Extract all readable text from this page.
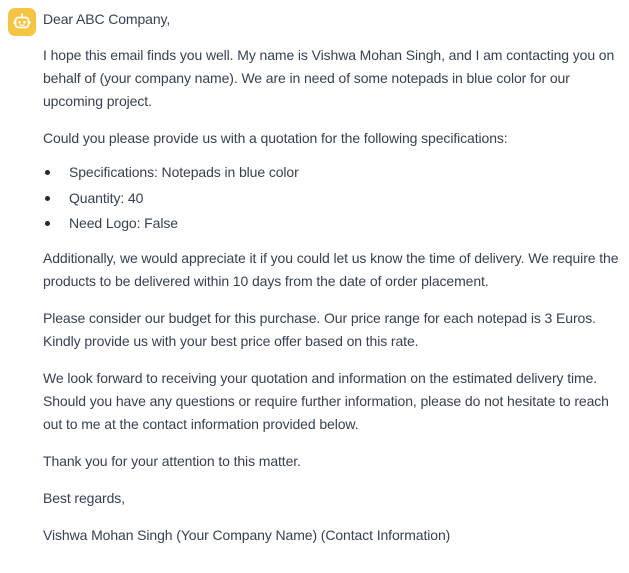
Dear ABC Company,

I hope this email finds you well. My name is Vishwa Mohan Singh, and I am contacting you on behalf of (your company name). We are in need of some notepads in blue color for our upcoming project.

Could you please provide us with a quotation for the following specifications:

Specifications: Notepads in blue color
Quantity: 40
Need Logo: False

Additionally, we would appreciate it if you could let us know the time of delivery. We require the products to be delivered within 10 days from the date of order placement.

Please consider our budget for this purchase. Our price range for each notepad is 3 Euros. Kindly provide us with your best price offer based on this rate.

We look forward to receiving your quotation and information on the estimated delivery time. Should you have any questions or require further information, please do not hesitate to reach out to me at the contact information provided below.

Thank you for your attention to this matter.

Best regards,

Vishwa Mohan Singh (Your Company Name) (Contact Information)
